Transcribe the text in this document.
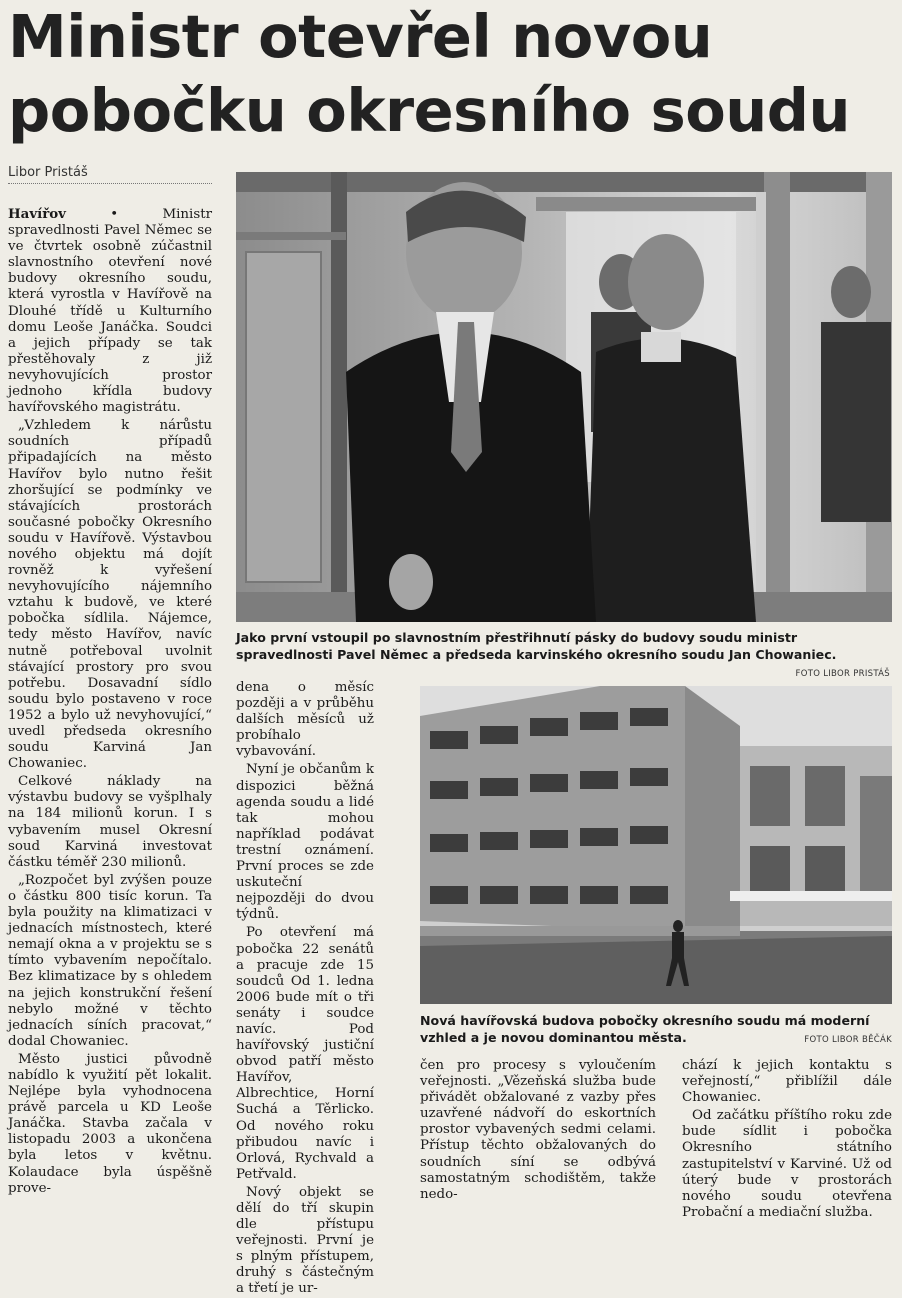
Ministr otevřel novou
pobočku okresního soudu
Libor Pristáš

Havířov • Ministr spravedlnosti Pavel Němec se ve čtvrtek osobně zúčastnil slavnostního otevření nové budovy okresního soudu, která vyrostla v Havířově na Dlouhé třídě u Kulturního domu Leoše Janáčka. Soudci a jejich případy se tak přestěhovaly z již nevyhovujících prostor jednoho křídla budovy havířovského magistrátu.

„Vzhledem k nárůstu soudních případů připadajících na město Havířov bylo nutno řešit zhoršující se podmínky ve stávajících prostorách současné pobočky Okresního soudu v Havířově. Výstavbou nového objektu má dojít rovněž k vyřešení nevyhovujícího nájemního vztahu k budově, ve které pobočka sídlila. Nájemce, tedy město Havířov, navíc nutně potřeboval uvolnit stávající prostory pro svou potřebu. Dosavadní sídlo soudu bylo postaveno v roce 1952 a bylo už nevyhovující,“ uvedl předseda okresního soudu Karviná Jan Chowaniec.

Celkové náklady na výstavbu budovy se vyšplhaly na 184 milionů korun. I s vybavením musel Okresní soud Karviná investovat částku téměř 230 milionů.

„Rozpočet byl zvýšen pouze o částku 800 tisíc korun. Ta byla použity na klimatizaci v jednacích místnostech, které nemají okna a v projektu se s tímto vybavením nepočítalo. Bez klimatizace by s ohledem na jejich konstrukční řešení nebylo možné v těchto jednacích síních pracovat,“ dodal Chowaniec.

Město justici původně nabídlo k využití pět lokalit. Nejlépe byla vyhodnocena právě parcela u KD Leoše Janáčka. Stavba začala v listopadu 2003 a ukončena byla letos v květnu. Kolaudace byla úspěšně prove-

Jako první vstoupil po slavnostním přestřihnutí pásky do budovy soudu ministr spravedlnosti Pavel Němec a předseda karvinského okresního soudu Jan Chowaniec.
FOTO LIBOR PRISTÁŠ

dena o měsíc později a v průběhu dalších měsíců už probíhalo vybavování.

Nyní je občanům k dispozici běžná agenda soudu a lidé tak mohou například podávat trestní oznámení. První proces se zde uskuteční nejpozději do dvou týdnů.

Po otevření má pobočka 22 senátů a pracuje zde 15 soudců Od 1. ledna 2006 bude mít o tři senáty i soudce navíc. Pod havířovský justiční obvod patří město Havířov, Albrechtice, Horní Suchá a Těrlicko. Od nového roku přibudou navíc i Orlová, Rychvald a Petřvald.

Nový objekt se dělí do tří skupin dle přístupu veřejnosti. První je s plným přístupem, druhý s částečným a třetí je ur-

Nová havířovská budova pobočky okresního soudu má moderní vzhled a je novou dominantou města.	FOTO LIBOR BĚČÁK

čen pro procesy s vyloučením veřejnosti. „Vězeňská služba bude přivádět obžalované z vazby přes uzavřené nádvoří do eskortních prostor vybavených sedmi celami. Přístup těchto obžalovaných do soudních síní se odbývá samostatným schodištěm, takže nedo-

chází k jejich kontaktu s veřejností,“ přiblížil dále Chowaniec.

Od začátku příštího roku zde bude sídlit i pobočka Okresního státního zastupitelství v Karviné. Už od úterý bude v prostorách nového soudu otevřena Probační a mediační služba.
